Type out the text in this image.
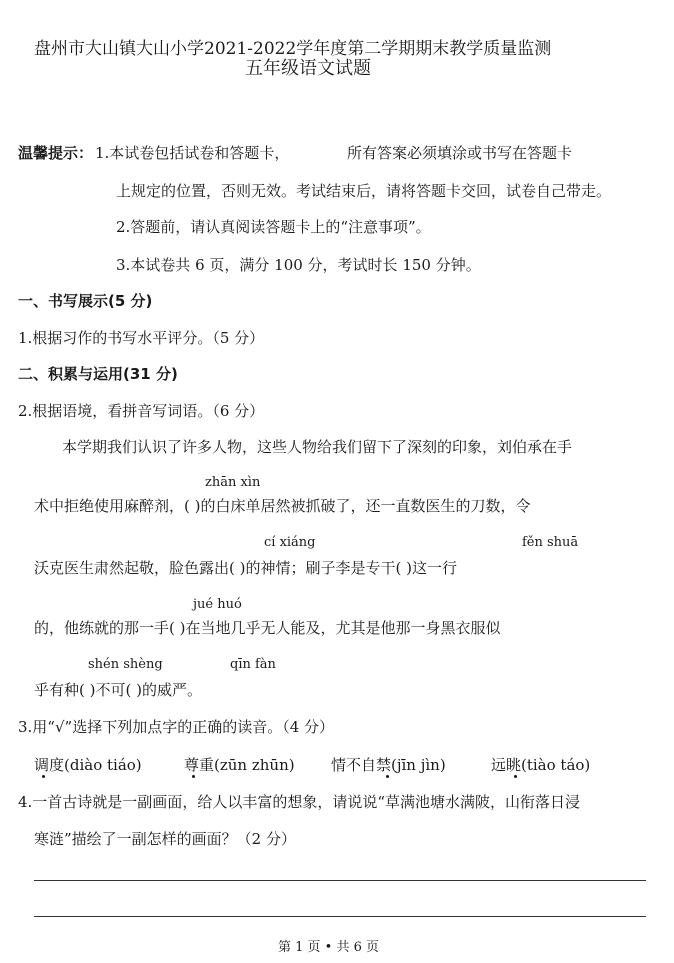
盘州市大山镇大山小学2021-2022学年度第二学期期末教学质量监测
五年级语文试题
温馨提示： 1.本试卷包括试卷和答题卡，	所有答案必须填涂或书写在答题卡
上规定的位置，否则无效。考试结束后，请将答题卡交回，试卷自己带走。
2.答题前，请认真阅读答题卡上的“注意事项”。
3.本试卷共 6 页，满分 100 分，考试时长 150 分钟。
一、书写展示(5 分)
1.根据习作的书写水平评分。（5 分）
二、积累与运用(31 分)
2.根据语境，看拼音写词语。（6 分）
本学期我们认识了许多人物，这些人物给我们留下了深刻的印象，刘伯承在手
zhān xìn
术中拒绝使用麻醉剂，( )的白床单居然被抓破了，还一直数医生的刀数，令
cí xiáng	fěn shuā
沃克医生肃然起敬，脸色露出( )的神情；刷子李是专干( )这一行
jué huó
的，他练就的那一手( )在当地几乎无人能及，尤其是他那一身黑衣服似
shén shèng	qīn fàn
乎有种( )不可( )的威严。
3.用“√”选择下列加点字的正确的读音。（4 分）
调度(diào tiáo)	尊重(zūn zhūn) 情不自禁(jīn jìn)	远眺(tiào táo)
4.一首古诗就是一副画面，给人以丰富的想象，请说说“草满池塘水满陂，山衔落日浸
寒涟”描绘了一副怎样的画面？（2 分）
第 1 页 • 共 6 页
